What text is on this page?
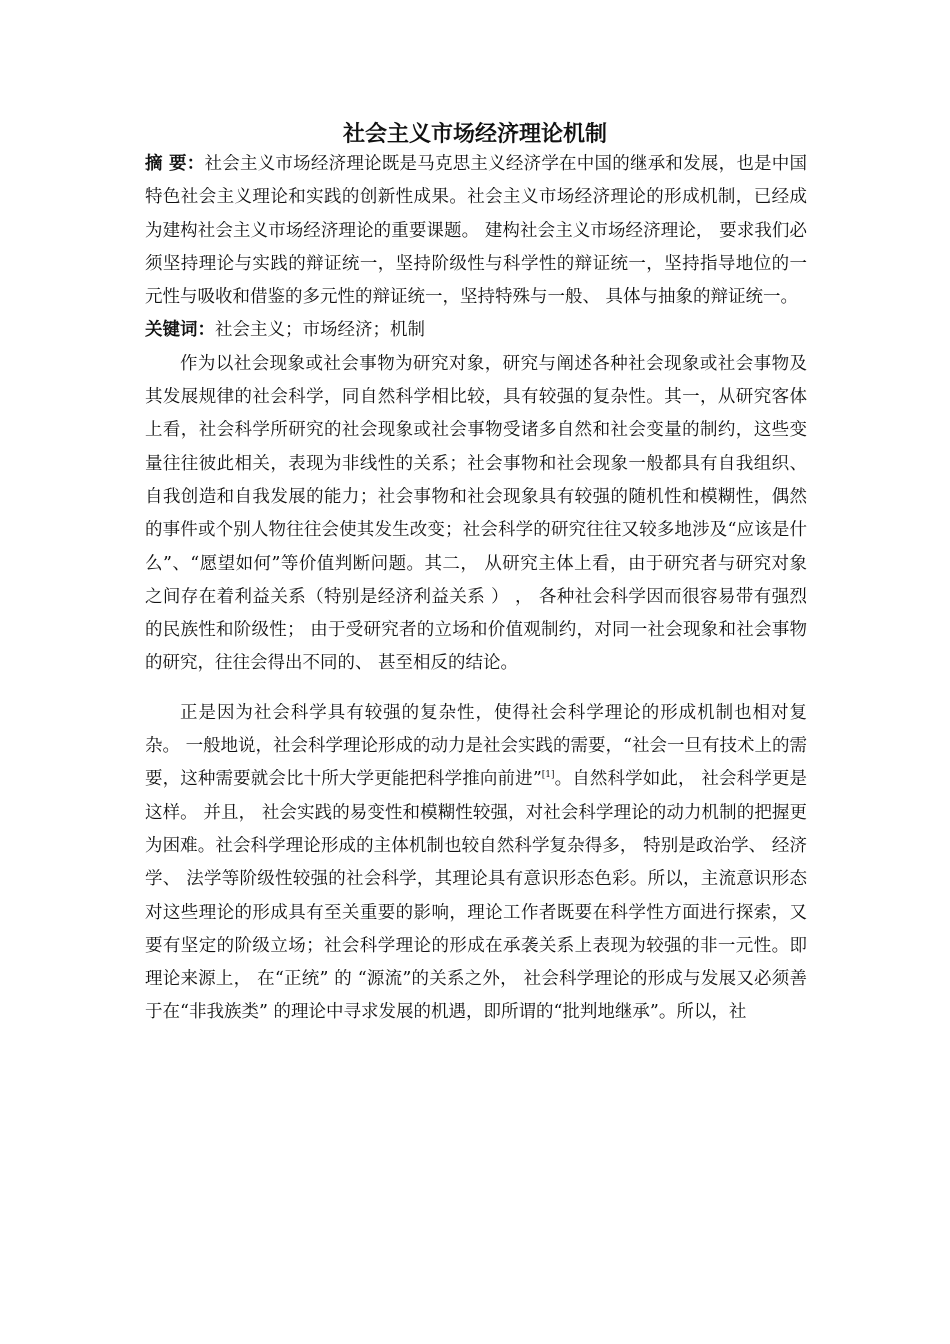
社会主义市场经济理论机制

摘 要：社会主义市场经济理论既是马克思主义经济学在中国的继承和发展，也是中国特色社会主义理论和实践的创新性成果。社会主义市场经济理论的形成机制，已经成为建构社会主义市场经济理论的重要课题。 建构社会主义市场经济理论， 要求我们必须坚持理论与实践的辩证统一，坚持阶级性与科学性的辩证统一，坚持指导地位的一元性与吸收和借鉴的多元性的辩证统一，坚持特殊与一般、 具体与抽象的辩证统一。

关键词：社会主义；市场经济；机制

作为以社会现象或社会事物为研究对象，研究与阐述各种社会现象或社会事物及其发展规律的社会科学，同自然科学相比较，具有较强的复杂性。其一，从研究客体上看，社会科学所研究的社会现象或社会事物受诸多自然和社会变量的制约，这些变量往往彼此相关，表现为非线性的关系；社会事物和社会现象一般都具有自我组织、自我创造和自我发展的能力；社会事物和社会现象具有较强的随机性和模糊性，偶然的事件或个别人物往往会使其发生改变；社会科学的研究往往又较多地涉及“应该是什么”、“愿望如何”等价值判断问题。其二， 从研究主体上看，由于研究者与研究对象之间存在着利益关系（特别是经济利益关系 ） ， 各种社会科学因而很容易带有强烈的民族性和阶级性； 由于受研究者的立场和价值观制约，对同一社会现象和社会事物的研究，往往会得出不同的、 甚至相反的结论。

正是因为社会科学具有较强的复杂性，使得社会科学理论的形成机制也相对复杂。 一般地说，社会科学理论形成的动力是社会实践的需要，“社会一旦有技术上的需要，这种需要就会比十所大学更能把科学推向前进”[1]。自然科学如此， 社会科学更是这样。 并且， 社会实践的易变性和模糊性较强，对社会科学理论的动力机制的把握更为困难。社会科学理论形成的主体机制也较自然科学复杂得多， 特别是政治学、 经济学、 法学等阶级性较强的社会科学，其理论具有意识形态色彩。所以，主流意识形态对这些理论的形成具有至关重要的影响，理论工作者既要在科学性方面进行探索，又要有坚定的阶级立场；社会科学理论的形成在承袭关系上表现为较强的非一元性。即理论来源上， 在“正统” 的 “源流”的关系之外， 社会科学理论的形成与发展又必须善于在“非我族类” 的理论中寻求发展的机遇，即所谓的“批判地继承”。所以，社
